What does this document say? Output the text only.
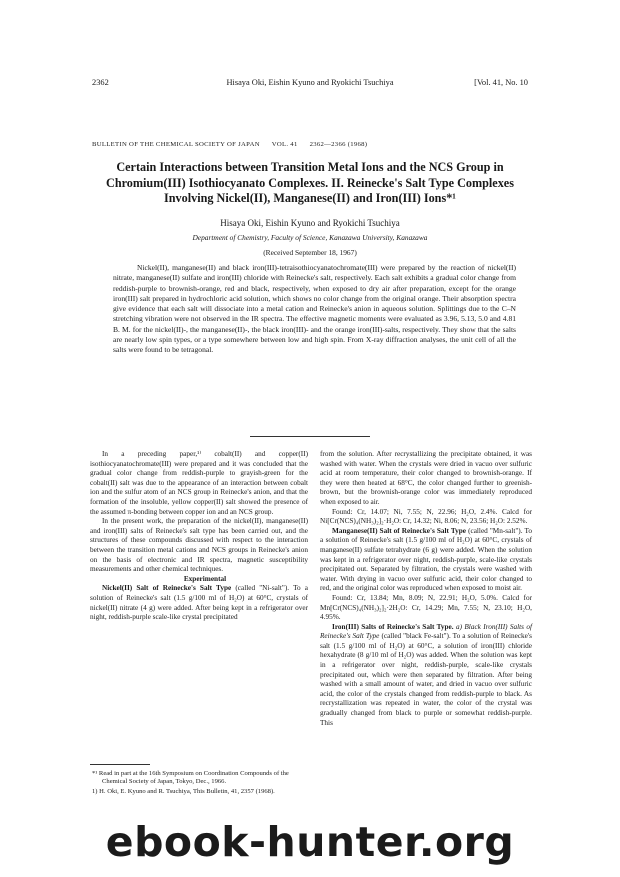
2362	Hisaya Oki, Eishin Kyuno and Ryokichi Tsuchiya	[Vol. 41, No. 10
BULLETIN OF THE CHEMICAL SOCIETY OF JAPAN VOL. 41 2362—2366 (1968)
Certain Interactions between Transition Metal Ions and the NCS Group in Chromium(III) Isothiocyanato Complexes. II. Reinecke's Salt Type Complexes Involving Nickel(II), Manganese(II) and Iron(III) Ions*¹
Hisaya Oki, Eishin Kyuno and Ryokichi Tsuchiya
Department of Chemistry, Faculty of Science, Kanazawa University, Kanazawa
(Received September 18, 1967)
Nickel(II), manganese(II) and black iron(III)-tetraisothiocyanatochromate(III) were prepared by the reaction of nickel(II) nitrate, manganese(II) sulfate and iron(III) chloride with Reinecke's salt, respectively. Each salt exhibits a gradual color change from reddish-purple to brownish-orange, red and black, respectively, when exposed to dry air after preparation, except for the orange iron(III) salt prepared in hydrochloric acid solution, which shows no color change from the original orange. Their absorption spectra give evidence that each salt will dissociate into a metal cation and Reinecke's anion in aqueous solution. Splittings due to the C–N stretching vibration were not observed in the IR spectra. The effective magnetic moments were evaluated as 3.96, 5.13, 5.0 and 4.81 B. M. for the nickel(II)-, the manganese(II)-, the black iron(III)- and the orange iron(III)-salts, respectively. They show that the salts are nearly low spin types, or a type somewhere between low and high spin. From X-ray diffraction analyses, the unit cell of all the salts were found to be tetragonal.

In a preceding paper,¹⁾ cobalt(II) and copper(II) isothiocyanatochromate(III) were prepared and it was concluded that the gradual color change from reddish-purple to grayish-green for the cobalt(II) salt was due to the appearance of an interaction between cobalt ion and the sulfur atom of an NCS group in Reinecke's anion, and that the formation of the insoluble, yellow copper(II) salt showed the presence of the assumed π-bonding between copper ion and an NCS group.

In the present work, the preparation of the nickel(II), manganese(II) and iron(III) salts of Reinecke's salt type has been carried out, and the structures of these compounds discussed with respect to the interaction between the transition metal cations and NCS groups in Reinecke's anion on the basis of electronic and IR spectra, magnetic susceptibility measurements and other chemical techniques.

Experimental

Nickel(II) Salt of Reinecke's Salt Type (called "Ni-salt"). To a solution of Reinecke's salt (1.5 g/100 ml of H₂O) at 60°C, crystals of nickel(II) nitrate (4 g) were added. After being kept in a refrigerator over night, reddish-purple scale-like crystal precipitated

from the solution. After recrystallizing the precipitate obtained, it was washed with water. When the crystals were dried in vacuo over sulfuric acid at room temperature, their color changed to brownish-orange. If they were then heated at 68°C, the color changed further to greenish-brown, but the brownish-orange color was immediately reproduced when exposed to air.

Found: Cr, 14.07; Ni, 7.55; N, 22.96; H₂O, 2.4%. Calcd for Ni[Cr(NCS)₄(NH₃)₂]₂·H₂O: Cr, 14.32; Ni, 8.06; N, 23.56; H₂O: 2.52%.

Manganese(II) Salt of Reinecke's Salt Type (called "Mn-salt"). To a solution of Reinecke's salt (1.5 g/100 ml of H₂O) at 60°C, crystals of manganese(II) sulfate tetrahydrate (6 g) were added. When the solution was kept in a refrigerator over night, reddish-purple, scale-like crystals precipitated out. Separated by filtration, the crystals were washed with water. With drying in vacuo over sulfuric acid, their color changed to red, and the original color was reproduced when exposed to moist air.

Found: Cr, 13.84; Mn, 8.09; N, 22.91; H₂O, 5.0%. Calcd for Mn[Cr(NCS)₄(NH₃)₂]₂·2H₂O: Cr, 14.29; Mn, 7.55; N, 23.10; H₂O, 4.95%.

Iron(III) Salts of Reinecke's Salt Type. a) Black Iron(III) Salts of Reinecke's Salt Type (called "black Fe-salt"). To a solution of Reinecke's salt (1.5 g/100 ml of H₂O) at 60°C, a solution of iron(III) chloride hexahydrate (8 g/10 ml of H₂O) was added. When the solution was kept in a refrigerator over night, reddish-purple, scale-like crystals precipitated out, which were then separated by filtration. After being washed with a small amount of water, and dried in vacuo over sulfuric acid, the color of the crystals changed from reddish-purple to black. As recrystallization was repeated in water, the color of the crystal was gradually changed from black to purple or somewhat reddish-purple. This

*¹ Read in part at the 16th Symposium on Coordination Compounds of the Chemical Society of Japan, Tokyo, Dec., 1966.
1) H. Oki, E. Kyuno and R. Tsuchiya, This Bulletin, 41, 2357 (1968).
ebook-hunter.org
